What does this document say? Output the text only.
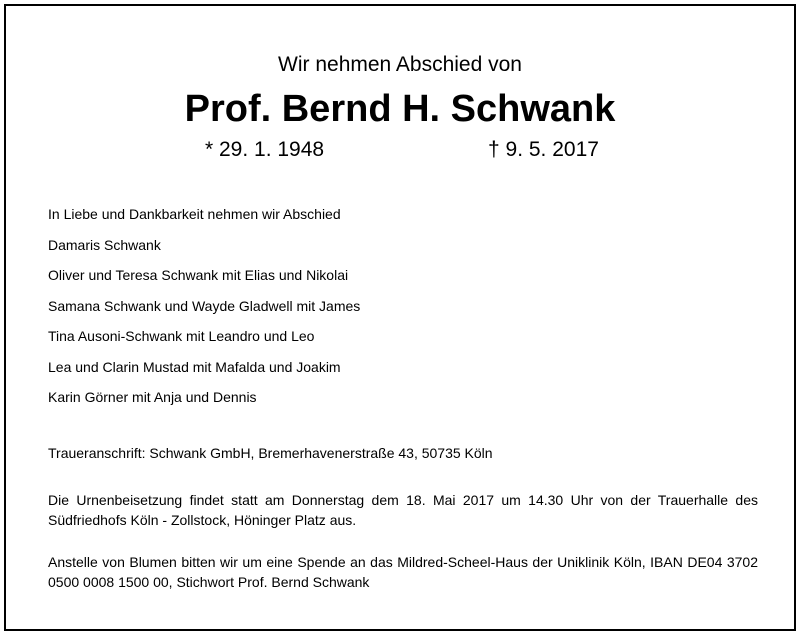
Wir nehmen Abschied von
Prof. Bernd H. Schwank
* 29. 1. 1948	† 9. 5. 2017
In Liebe und Dankbarkeit nehmen wir Abschied
Damaris Schwank
Oliver und Teresa Schwank mit Elias und Nikolai
Samana Schwank und Wayde Gladwell mit James
Tina Ausoni-Schwank mit Leandro und Leo
Lea und Clarin Mustad mit Mafalda und Joakim
Karin Görner mit Anja und Dennis
Traueranschrift: Schwank GmbH, Bremerhavenerstraße 43, 50735 Köln
Die Urnenbeisetzung findet statt am Donnerstag dem 18. Mai 2017 um 14.30 Uhr von der Trauerhalle des Südfriedhofs Köln - Zollstock, Höninger Platz aus.
Anstelle von Blumen bitten wir um eine Spende an das Mildred-Scheel-Haus der Uniklinik Köln, IBAN DE04 3702 0500 0008 1500 00, Stichwort Prof. Bernd Schwank
